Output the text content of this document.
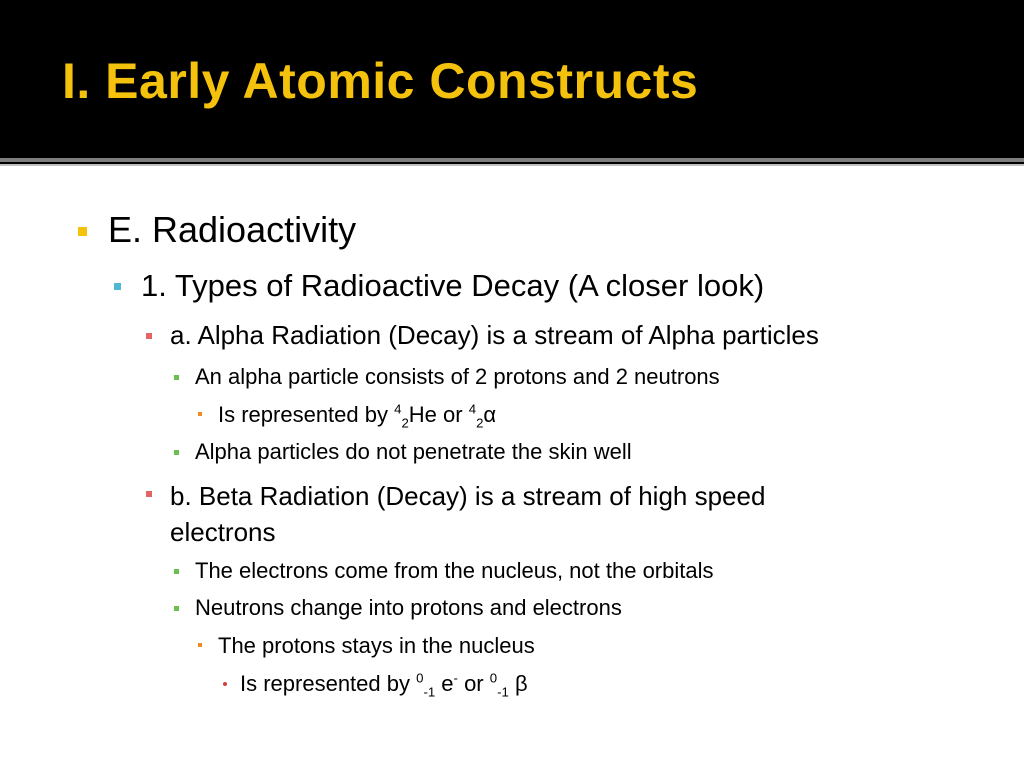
I. Early Atomic Constructs
E. Radioactivity
1. Types of Radioactive Decay (A closer look)
a. Alpha Radiation (Decay) is a stream of Alpha particles
An alpha particle consists of 2 protons and 2 neutrons
Is represented by $^4_2$He or $^4_2$α
Alpha particles do not penetrate the skin well
b. Beta Radiation (Decay) is a stream of high speed
electrons
The electrons come from the nucleus, not the orbitals
Neutrons change into protons and electrons
The protons stays in the nucleus
Is represented by $^0_{-1}$ e- or $^0_{-1}$ β
